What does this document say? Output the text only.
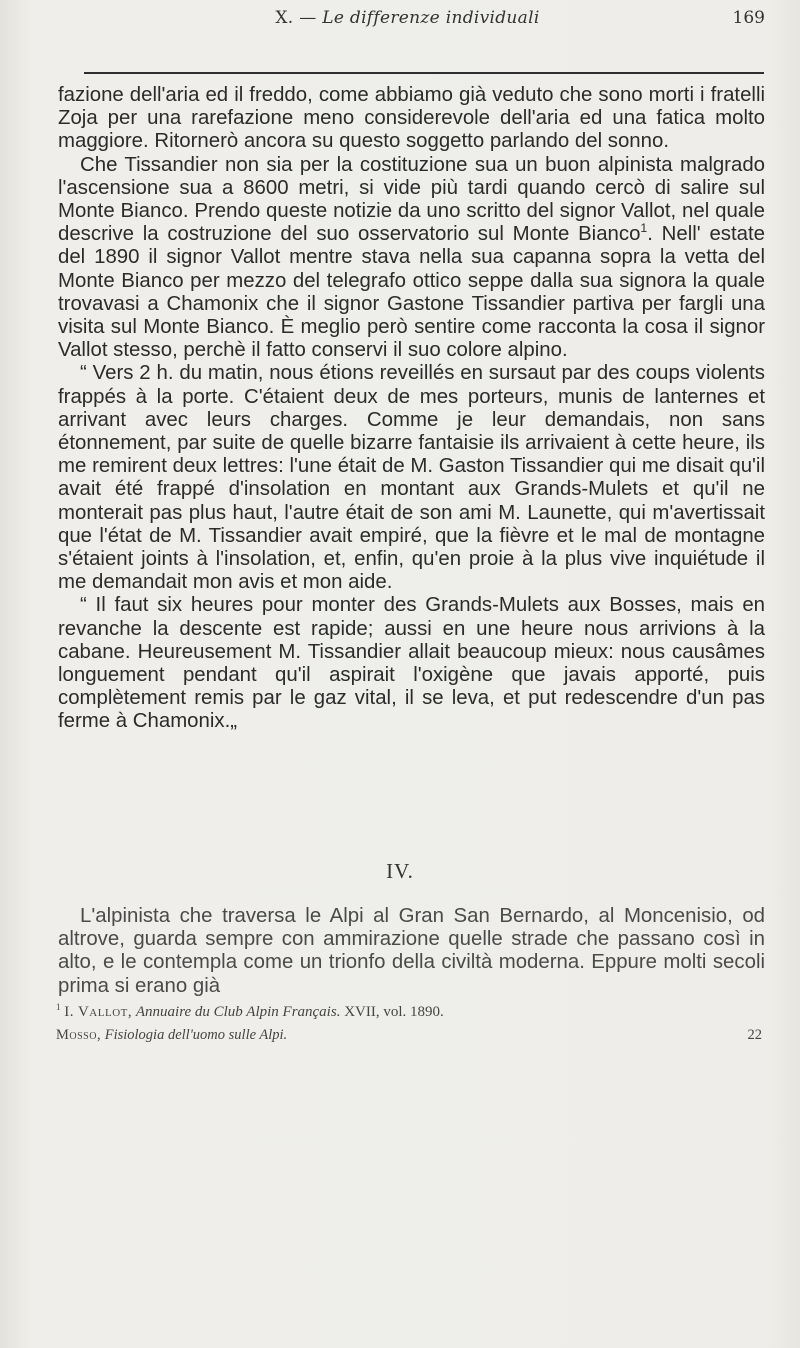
X. — Le differenze individuali	169

fazione dell'aria ed il freddo, come abbiamo già veduto che sono morti i fratelli Zoja per una rarefazione meno considerevole dell'aria ed una fatica molto maggiore. Ritornerò ancora su questo soggetto parlando del sonno.

Che Tissandier non sia per la costituzione sua un buon alpinista malgrado l'ascensione sua a 8600 metri, si vide più tardi quando cercò di salire sul Monte Bianco. Prendo queste notizie da uno scritto del signor Vallot, nel quale descrive la costruzione del suo osservatorio sul Monte Bianco$^1$. Nell' estate del 1890 il signor Vallot mentre stava nella sua capanna sopra la vetta del Monte Bianco per mezzo del telegrafo ottico seppe dalla sua signora la quale trovavasi a Chamonix che il signor Gastone Tissandier partiva per fargli una visita sul Monte Bianco. È meglio però sentire come racconta la cosa il signor Vallot stesso, perchè il fatto conservi il suo colore alpino.

“ Vers 2 h. du matin, nous étions reveillés en sursaut par des coups violents frappés à la porte. C'étaient deux de mes porteurs, munis de lanternes et arrivant avec leurs charges. Comme je leur demandais, non sans étonnement, par suite de quelle bizarre fantaisie ils arrivaient à cette heure, ils me remirent deux lettres: l'une était de M. Gaston Tissandier qui me disait qu'il avait été frappé d'insolation en montant aux Grands-Mulets et qu'il ne monterait pas plus haut, l'autre était de son ami M. Launette, qui m'avertissait que l'état de M. Tissandier avait empiré, que la fièvre et le mal de montagne s'étaient joints à l'insolation, et, enfin, qu'en proie à la plus vive inquiétude il me demandait mon avis et mon aide.

“ Il faut six heures pour monter des Grands-Mulets aux Bosses, mais en revanche la descente est rapide; aussi en une heure nous arrivions à la cabane. Heureusement M. Tissandier allait beaucoup mieux: nous causâmes longuement pendant qu'il aspirait l'oxigène que javais apporté, puis complètement remis par le gaz vital, il se leva, et put redescendre d'un pas ferme à Chamonix.„

IV.

L'alpinista che traversa le Alpi al Gran San Bernardo, al Moncenisio, od altrove, guarda sempre con ammirazione quelle strade che passano così in alto, e le contempla come un trionfo della civiltà moderna. Eppure molti secoli prima si erano già

$^1$ I. Vallot, Annuaire du Club Alpin Français. XVII, vol. 1890.
Mosso, Fisiologia dell'uomo sulle Alpi.	22
